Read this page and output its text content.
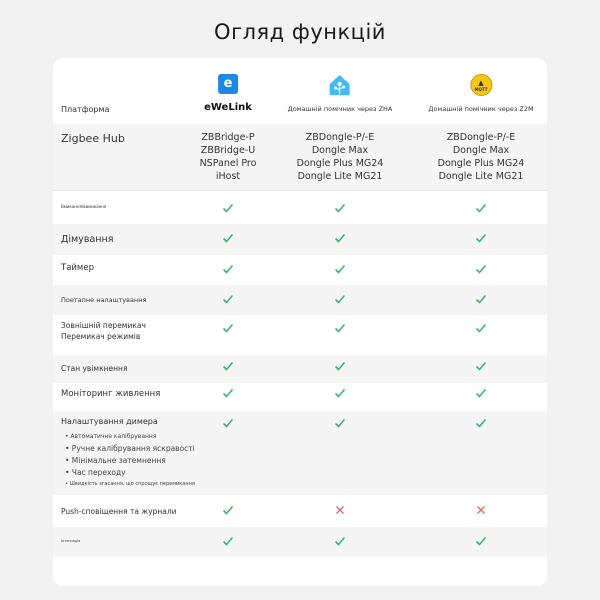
Огляд функцій
Платформа
e
eWeLink	Домашній помічник через ZHA
▲
MQTT
Домашній помічник через Z2M
Zigbee Hub	ZBBridge-P
ZBBridge-U
NSPanel Pro
iHost
ZBDongle-P/-E
Dongle Max
Dongle Plus MG24
Dongle Lite MG21
ZBDongle-P/-E
Dongle Max
Dongle Plus MG24
Dongle Lite MG21
Вмикання/вимикання
Дімування
Таймер
Поетапне налаштування
Зовнішній перемикач
Перемикач режимів
Стан увімкнення
Моніторинг живлення
Налаштування димера
• Автоматичне калібрування
• Ручне калібрування яскравості
• Мінімальне затемнення
• Час переходу
• Швидкість згасання, що спрощує перемикання
Push-сповіщення та журнали
Інтеграція
